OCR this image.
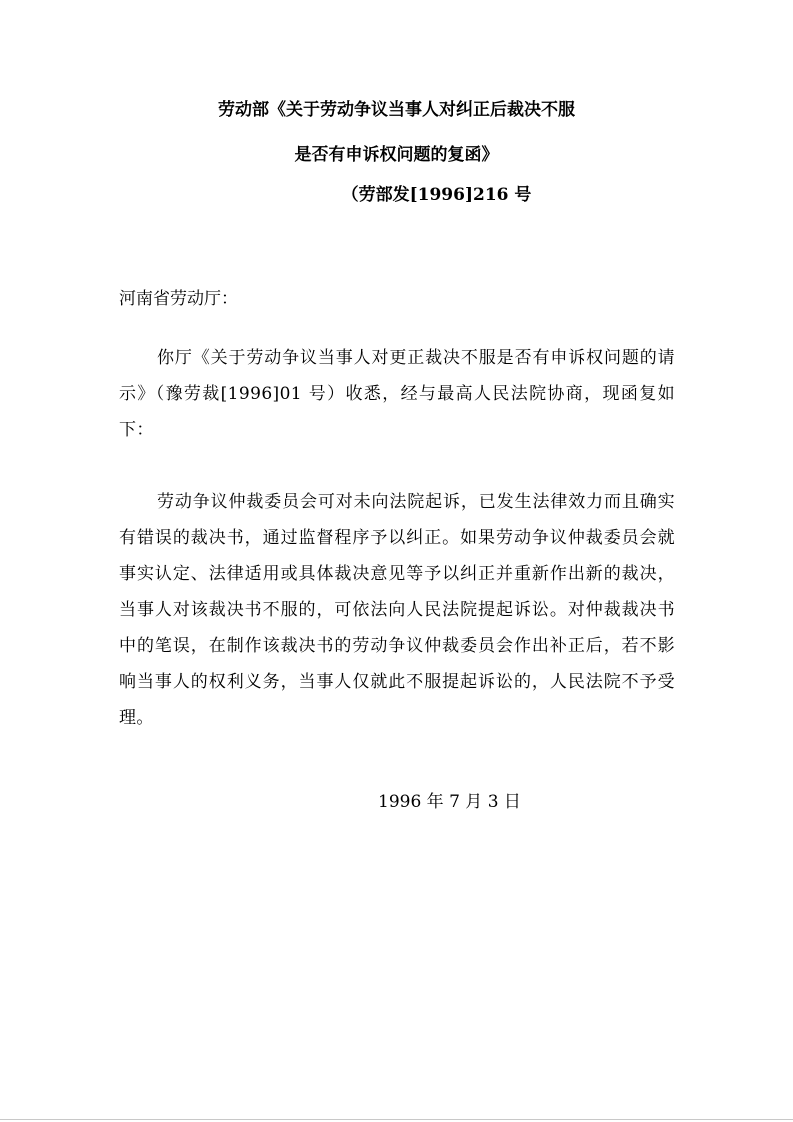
劳动部《关于劳动争议当事人对纠正后裁决不服
是否有申诉权问题的复函》
（劳部发[1996]216 号
河南省劳动厅：
你厅《关于劳动争议当事人对更正裁决不服是否有申诉权问题的请示》（豫劳裁[1996]01 号）收悉，经与最高人民法院协商，现函复如下：
劳动争议仲裁委员会可对未向法院起诉，已发生法律效力而且确实有错误的裁决书，通过监督程序予以纠正。如果劳动争议仲裁委员会就事实认定、法律适用或具体裁决意见等予以纠正并重新作出新的裁决，当事人对该裁决书不服的，可依法向人民法院提起诉讼。对仲裁裁决书中的笔误，在制作该裁决书的劳动争议仲裁委员会作出补正后，若不影响当事人的权利义务，当事人仅就此不服提起诉讼的，人民法院不予受理。
1996 年 7 月 3 日
